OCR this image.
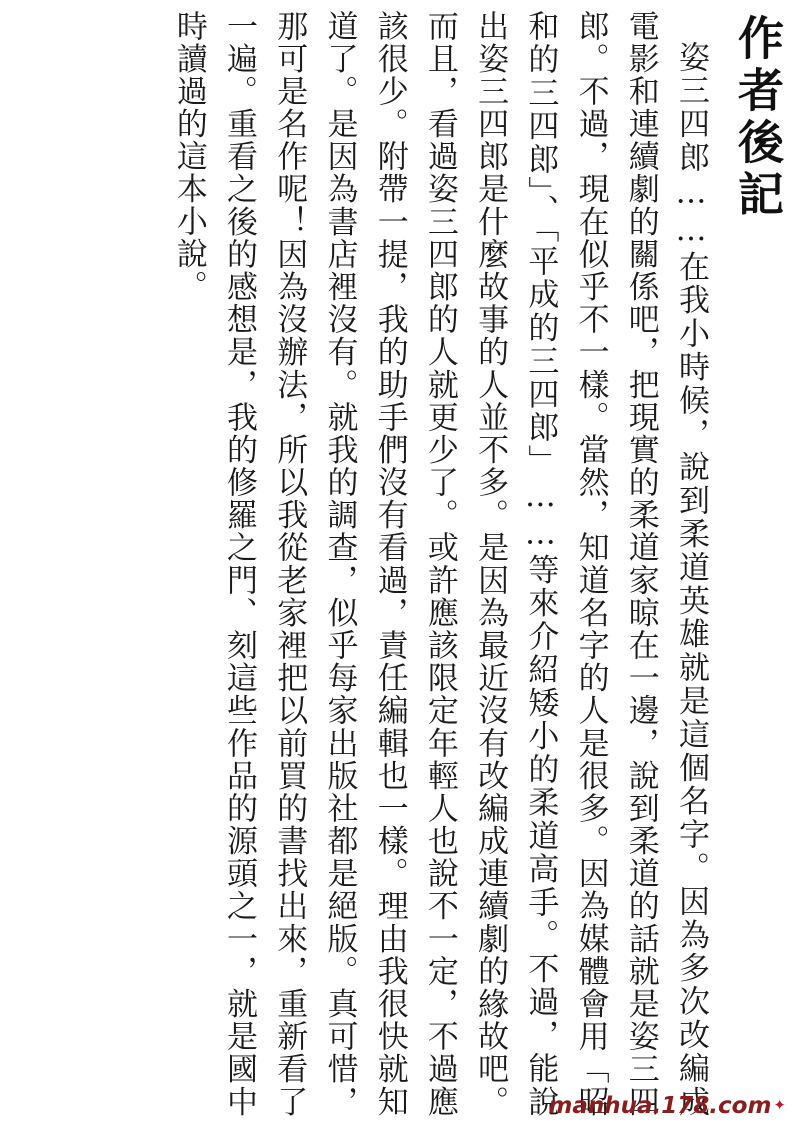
作者後記

姿三四郎……在我小時候，說到柔道英雄就是這個名字。因為多次改編成電影和連續劇的關係吧，把現實的柔道家晾在一邊，說到柔道的話就是姿三四郎。不過，現在似乎不一樣。當然，知道名字的人是很多。因為媒體會用「昭和的三四郎」、「平成的三四郎」……等來介紹矮小的柔道高手。不過，能說出姿三四郎是什麼故事的人並不多。是因為最近沒有改編成連續劇的緣故吧。而且，看過姿三四郎的人就更少了。或許應該限定年輕人也說不一定，不過應該很少。附帶一提，我的助手們沒有看過，責任編輯也一樣。理由我很快就知道了。是因為書店裡沒有。就我的調查，似乎每家出版社都是絕版。真可惜，那可是名作呢！因為沒辦法，所以我從老家裡把以前買的書找出來，重新看了一遍。重看之後的感想是，我的修羅之門、刻這些作品的源頭之一，就是國中時讀過的這本小說。

manhua.178.com ✦
